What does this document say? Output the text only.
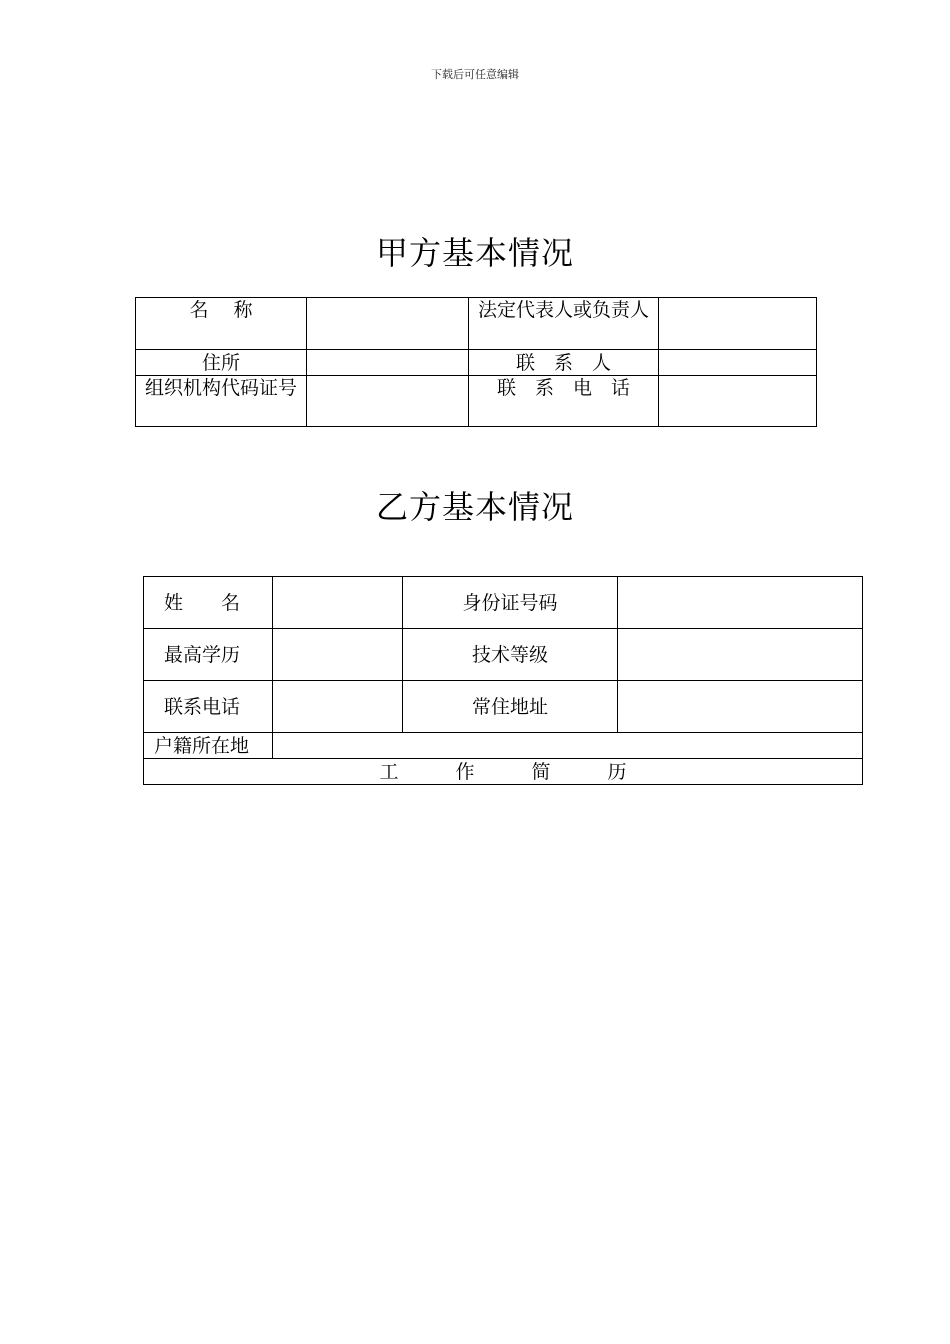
下载后可任意编辑
甲方基本情况
名　 称		法定代表人或负责人	
住所		联　系　人	
组织机构代码证号		联　系　电　话	
乙方基本情况
姓　　名		身份证号码	
最高学历		技术等级	
联系电话		常住地址	
户籍所在地			
工　　　作　　　简　　　历			
